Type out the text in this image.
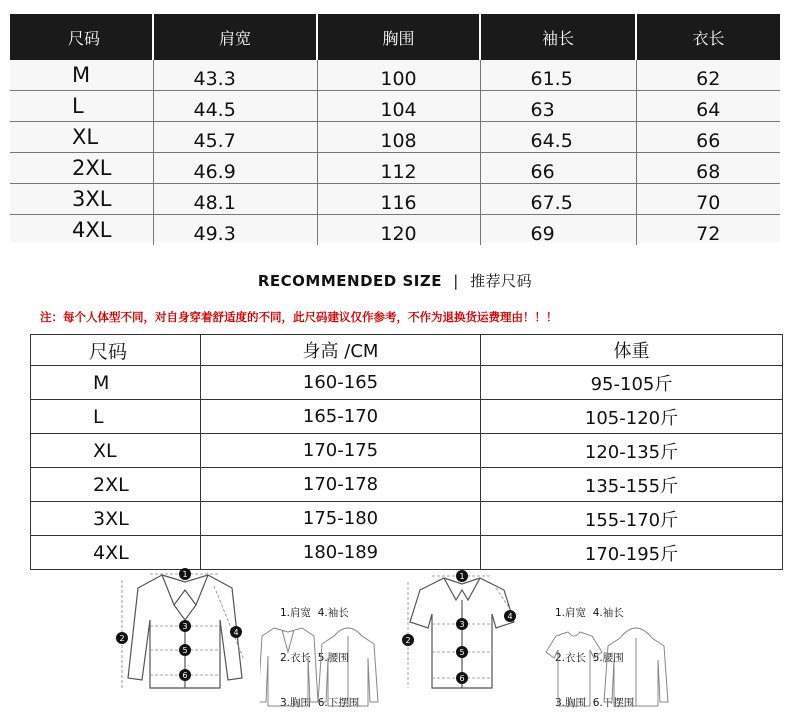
尺码	肩宽	胸围	袖长	衣长
M	43.3	100	61.5	62
L	44.5	104	63	64
XL	45.7	108	64.5	66
2XL	46.9	112	66	68
3XL	48.1	116	67.5	70
4XL	49.3	120	69	72
RECOMMENDED SIZE | 推荐尺码
注：每个人体型不同，对自身穿着舒适度的不同，此尺码建议仅作参考，不作为退换货运费理由！！！
尺码	身高 /CM	体重
M	160-165	95-105斤
L	165-170	105-120斤
XL	170-175	120-135斤
2XL	170-178	135-155斤
3XL	175-180	155-170斤
4XL	180-189	170-195斤
1
2
3
4
5
6

1.肩宽  4.袖长

2.衣长  5.腰围

3.胸围  6.下摆围

1
2
3
4
5
6

1.肩宽  4.袖长

2.衣长  5.腰围

3.胸围  6.下摆围
